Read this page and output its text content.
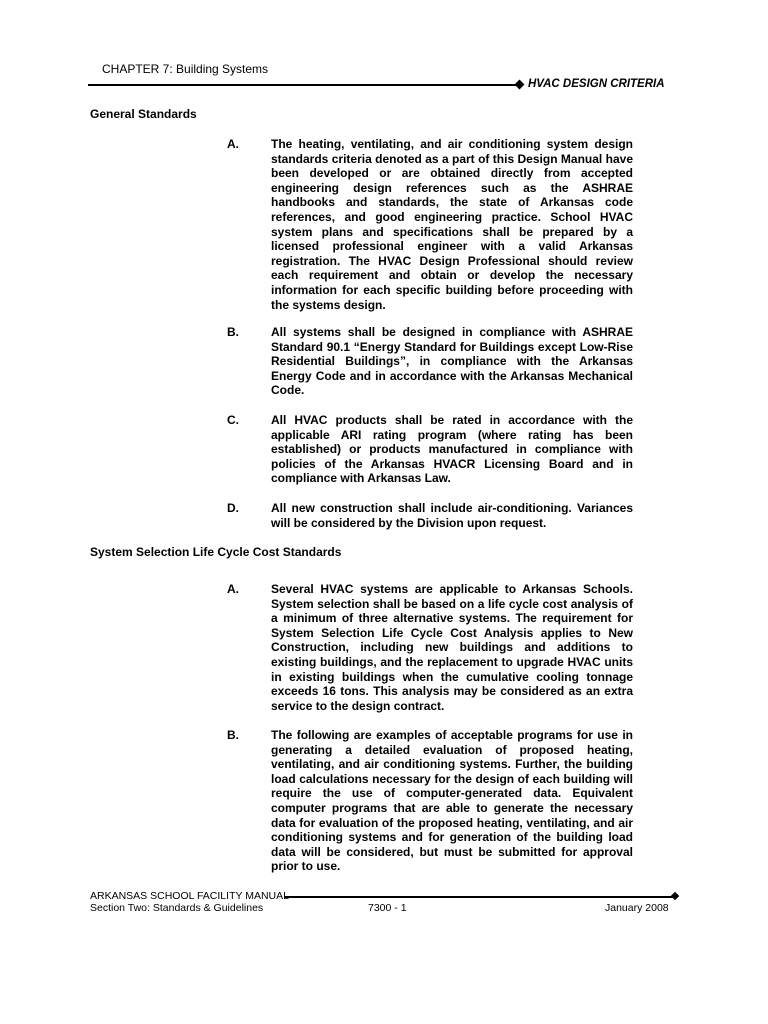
CHAPTER 7: Building Systems
HVAC DESIGN CRITERIA
General Standards
A.	The heating, ventilating, and air conditioning system design standards criteria denoted as a part of this Design Manual have been developed or are obtained directly from accepted engineering design references such as the ASHRAE handbooks and standards, the state of Arkansas code references, and good engineering practice. School HVAC system plans and specifications shall be prepared by a licensed professional engineer with a valid Arkansas registration. The HVAC Design Professional should review each requirement and obtain or develop the necessary information for each specific building before proceeding with the systems design.
B.	All systems shall be designed in compliance with ASHRAE Standard 90.1 “Energy Standard for Buildings except Low-Rise Residential Buildings”, in compliance with the Arkansas Energy Code and in accordance with the Arkansas Mechanical Code.
C.	All HVAC products shall be rated in accordance with the applicable ARI rating program (where rating has been established) or products manufactured in compliance with policies of the Arkansas HVACR Licensing Board and in compliance with Arkansas Law.
D.	All new construction shall include air-conditioning. Variances will be considered by the Division upon request.
System Selection Life Cycle Cost Standards
A.	Several HVAC systems are applicable to Arkansas Schools. System selection shall be based on a life cycle cost analysis of a minimum of three alternative systems. The requirement for System Selection Life Cycle Cost Analysis applies to New Construction, including new buildings and additions to existing buildings, and the replacement to upgrade HVAC units in existing buildings when the cumulative cooling tonnage exceeds 16 tons. This analysis may be considered as an extra service to the design contract.
B.	The following are examples of acceptable programs for use in generating a detailed evaluation of proposed heating, ventilating, and air conditioning systems. Further, the building load calculations necessary for the design of each building will require the use of computer-generated data. Equivalent computer programs that are able to generate the necessary data for evaluation of the proposed heating, ventilating, and air conditioning systems and for generation of the building load data will be considered, but must be submitted for approval prior to use.
ARKANSAS SCHOOL FACILITY MANUAL
Section Two: Standards & Guidelines	7300 - 1	January 2008
